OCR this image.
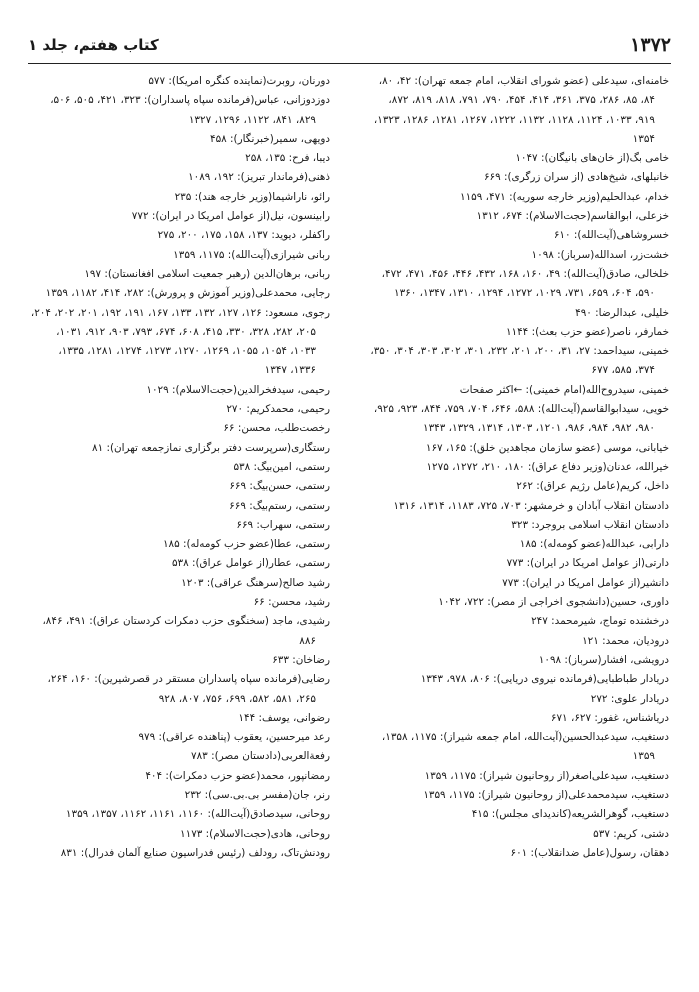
۱۳۷۲
کتاب هفتم، جلد ۱

خامنه‌ای، سیدعلی (عضو شورای انقلاب، امام جمعه تهران): ۴۲، ۸۰، ۸۴، ۸۵، ۲۸۶، ۳۷۵، ۳۶۱، ۴۱۴، ۴۵۴، ۷۹۰، ۷۹۱، ۸۱۸، ۸۱۹، ۸۷۲، ۹۱۹، ۱۰۳۳، ۱۱۲۴، ۱۱۲۸، ۱۱۳۲، ۱۲۲۲، ۱۲۶۷، ۱۲۸۱، ۱۲۸۶، ۱۳۲۳، ۱۳۵۴

خامی بگ(از خان‌های بانیگان): ۱۰۴۷

خانبلهای، شیخ‌هادی (از سران زرگری): ۶۶۹

خدام، عبدالحلیم(وزیر خارجه سوریه): ۴۷۱، ۱۱۵۹

خزعلی، ابوالقاسم(حجت‌الاسلام): ۶۷۴، ۱۳۱۲

خسروشاهی(آیت‌الله): ۶۱۰

خشت‌زر، اسدالله(سرباز): ۱۰۹۸

خلخالی، صادق(آیت‌الله): ۴۹، ۱۶۰، ۱۶۸، ۴۳۲، ۴۴۶، ۴۵۶، ۴۷۱، ۴۷۲، ۵۹۰، ۶۰۴، ۶۵۹، ۷۳۱، ۱۰۲۹، ۱۲۷۲، ۱۲۹۴، ۱۳۱۰، ۱۳۴۷، ۱۳۶۰

خلیلی، عبدالرضا: ۴۹۰

خمارفر، ناصر(عضو حزب بعث): ۱۱۴۴

خمینی، سیداحمد: ۲۷، ۳۱، ۲۰۰، ۲۰۱، ۲۳۲، ۳۰۱، ۳۰۲، ۳۰۳، ۳۰۴، ۳۵۰، ۳۷۴، ۵۸۵، ۶۷۷

خمینی، سیدروح‌الله(امام خمینی): ←اکثر صفحات

خویی، سیدابوالقاسم(آیت‌الله): ۵۸۸، ۶۴۶، ۷۰۴، ۷۵۹، ۸۴۴، ۹۲۳، ۹۲۵، ۹۸۰، ۹۸۲، ۹۸۴، ۹۸۶، ۱۲۰۱، ۱۳۰۳، ۱۳۱۴، ۱۳۲۹، ۱۳۴۳

خیابانی، موسی (عضو سازمان مجاهدین خلق): ۱۶۵، ۱۶۷

خیرالله، عدنان(وزیر دفاع عراق): ۱۸۰، ۲۱۰، ۱۲۷۲، ۱۲۷۵

داخل، کریم(عامل رژیم عراق): ۲۶۲

دادستان انقلاب آبادان و خرمشهر: ۷۰۳، ۷۲۵، ۱۱۸۳، ۱۳۱۴، ۱۳۱۶

دادستان انقلاب اسلامی بروجرد: ۳۲۳

دارابی، عبدالله(عضو کومه‌له): ۱۸۵

دارتی(از عوامل امریکا در ایران): ۷۷۳

دانشیر(از عوامل امریکا در ایران): ۷۷۳

داوری، حسین(دانشجوی اخراجی از مصر): ۷۲۲، ۱۰۴۲

درخشنده توماج، شیرمحمد: ۲۴۷

درودیان، محمد: ۱۲۱

درویشی، افشار(سرباز): ۱۰۹۸

دریادار طباطبایی(فرمانده نیروی دریایی): ۸۰۶، ۹۷۸، ۱۳۴۳

دریادار علوی: ۲۷۲

دریاشناس، غفور: ۶۲۷، ۶۷۱

دستغیب، سیدعبدالحسین(آیت‌الله، امام جمعه شیراز): ۱۱۷۵، ۱۳۵۸، ۱۳۵۹

دستغیب، سیدعلی‌اصغر(از روحانیون شیراز): ۱۱۷۵، ۱۳۵۹

دستغیب، سیدمحمدعلی(از روحانیون شیراز): ۱۱۷۵، ۱۳۵۹

دستغیب، گوهرالشریعه(کاندیدای مجلس): ۴۱۵

دشتی، کریم: ۵۳۷

دهقان، رسول(عامل ضدانقلاب): ۶۰۱

دورنان، روبرت(نماینده کنگره امریکا): ۵۷۷

دوزدوزانی، عباس(فرمانده سپاه پاسداران): ۳۲۳، ۴۲۱، ۵۰۵، ۵۰۶، ۸۲۹، ۸۴۱، ۱۱۲۲، ۱۲۹۶، ۱۳۲۷

دویهی، سمیر(خبرنگار): ۴۵۸

دیبا، فرح: ۱۳۵، ۲۵۸

ذهنی(فرماندار تبریز): ۱۹۲، ۱۰۸۹

رائو، ناراشیما(وزیر خارجه هند): ۲۳۵

رابینسون، نیل(از عوامل امریکا در ایران): ۷۷۲

راکفلر، دیوید: ۱۳۷، ۱۵۸، ۱۷۵، ۲۰۰، ۲۷۵

ربانی شیرازی(آیت‌الله): ۱۱۷۵، ۱۳۵۹

ربانی، برهان‌الدین (رهبر جمعیت اسلامی افغانستان): ۱۹۷

رجایی، محمدعلی(وزیر آموزش و پرورش): ۲۸۲، ۴۱۴، ۱۱۸۲، ۱۳۵۹

رجوی، مسعود: ۱۲۶، ۱۲۷، ۱۳۲، ۱۳۳، ۱۶۷، ۱۹۱، ۱۹۲، ۲۰۱، ۲۰۲، ۲۰۴، ۲۰۵، ۲۸۲، ۳۲۸، ۳۳۰، ۴۱۵، ۶۰۸، ۶۷۴، ۷۹۳، ۹۰۳، ۹۱۲، ۱۰۳۱، ۱۰۳۳، ۱۰۵۴، ۱۰۵۵، ۱۲۶۹، ۱۲۷۰، ۱۲۷۳، ۱۲۷۴، ۱۲۸۱، ۱۳۳۵، ۱۳۳۶، ۱۳۴۷

رحیمی، سیدفخرالدین(حجت‌الاسلام): ۱۰۲۹

رحیمی، محمدکریم: ۲۷۰

رخصت‌طلب، محسن: ۶۶

رستگاری(سرپرست دفتر برگزاری نمازجمعه تهران): ۸۱

رستمی، امین‌بیگ: ۵۳۸

رستمی، حسن‌بیگ: ۶۶۹

رستمی، رستم‌بیگ: ۶۶۹

رستمی، سهراب: ۶۶۹

رستمی، عطا(عضو حزب کومه‌له): ۱۸۵

رستمی، عطار(از عوامل عراق): ۵۳۸

رشید صالح(سرهنگ عراقی): ۱۲۰۳

رشید، محسن: ۶۶

رشیدی، ماجد (سخنگوی حزب دمکرات کردستان عراق): ۴۹۱، ۸۴۶، ۸۸۶

رضاخان: ۶۳۳

رضایی(فرمانده سپاه پاسداران مستقر در قصرشیرین): ۱۶۰، ۲۶۴، ۲۶۵، ۵۸۱، ۵۸۲، ۶۹۹، ۷۵۶، ۸۰۷، ۹۲۸

رضوانی، یوسف: ۱۴۴

رعد میرحسین، یعقوب (پناهنده عراقی): ۹۷۹

رفعةالعربی(دادستان مصر): ۷۸۳

رمضانپور، محمد(عضو حزب دمکرات): ۴۰۴

رنر، جان(مفسر بی.بی.سی): ۲۳۲

روحانی، سیدصادق(آیت‌الله): ۱۱۶۰، ۱۱۶۱، ۱۱۶۲، ۱۳۵۷، ۱۳۵۹

روحانی، هادی(حجت‌الاسلام): ۱۱۷۳

رودنش‌تاک، رودلف (رئیس فدراسیون صنایع آلمان فدرال): ۸۳۱
